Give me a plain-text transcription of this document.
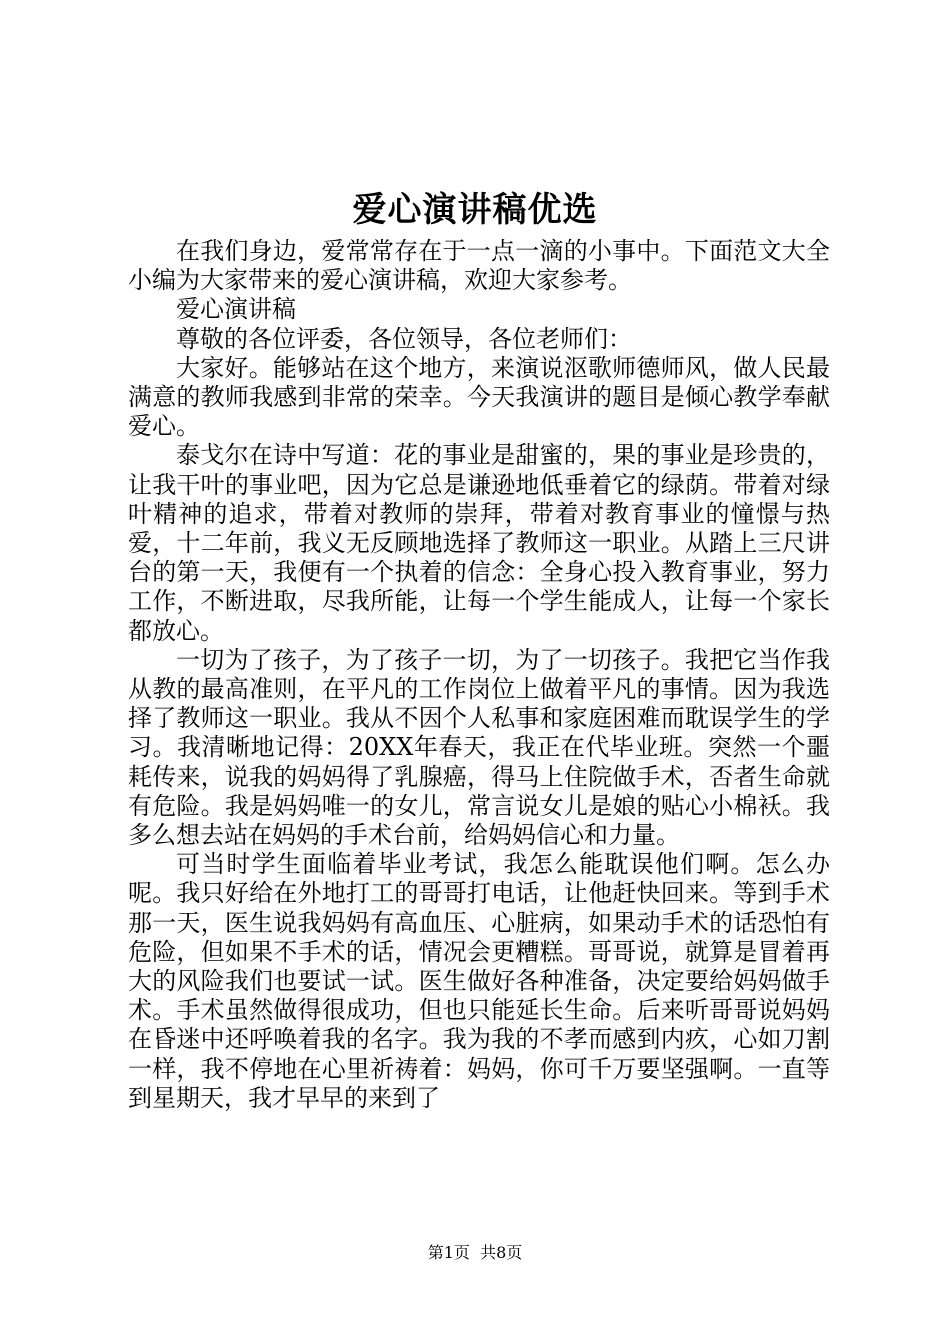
爱心演讲稿优选

在我们身边，爱常常存在于一点一滴的小事中。下面范文大全小编为大家带来的爱心演讲稿，欢迎大家参考。

爱心演讲稿

尊敬的各位评委，各位领导，各位老师们：

大家好。能够站在这个地方，来演说沤歌师德师风，做人民最满意的教师我感到非常的荣幸。今天我演讲的题目是倾心教学奉献爱心。

泰戈尔在诗中写道：花的事业是甜蜜的，果的事业是珍贵的，让我干叶的事业吧，因为它总是谦逊地低垂着它的绿荫。带着对绿叶精神的追求，带着对教师的崇拜，带着对教育事业的憧憬与热爱，十二年前，我义无反顾地选择了教师这一职业。从踏上三尺讲台的第一天，我便有一个执着的信念：全身心投入教育事业，努力工作，不断进取，尽我所能，让每一个学生能成人，让每一个家长都放心。

一切为了孩子，为了孩子一切，为了一切孩子。我把它当作我从教的最高准则，在平凡的工作岗位上做着平凡的事情。因为我选择了教师这一职业。我从不因个人私事和家庭困难而耽误学生的学习。我清晰地记得：20XX年春天，我正在代毕业班。突然一个噩耗传来，说我的妈妈得了乳腺癌，得马上住院做手术，否者生命就有危险。我是妈妈唯一的女儿，常言说女儿是娘的贴心小棉袄。我多么想去站在妈妈的手术台前，给妈妈信心和力量。

可当时学生面临着毕业考试，我怎么能耽误他们啊。怎么办呢。我只好给在外地打工的哥哥打电话，让他赶快回来。等到手术那一天，医生说我妈妈有高血压、心脏病，如果动手术的话恐怕有危险，但如果不手术的话，情况会更糟糕。哥哥说，就算是冒着再大的风险我们也要试一试。医生做好各种准备，决定要给妈妈做手术。手术虽然做得很成功，但也只能延长生命。后来听哥哥说妈妈在昏迷中还呼唤着我的名字。我为我的不孝而感到内疚，心如刀割一样，我不停地在心里祈祷着：妈妈，你可千万要坚强啊。一直等到星期天，我才早早的来到了

第1页 共8页
